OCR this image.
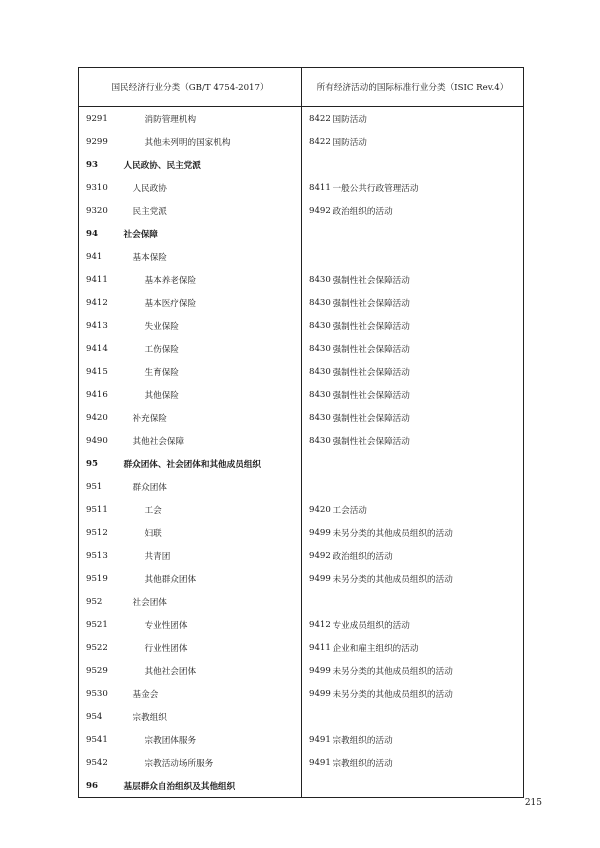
国民经济行业分类（GB/T 4754-2017）		所有经济活动的国际标准行业分类（ISIC Rev.4）	
9291	消防管理机构	8422	国防活动
9299	其他未列明的国家机构	8422	国防活动
93	人民政协、民主党派		
9310	人民政协	8411	一般公共行政管理活动
9320	民主党派	9492	政治组织的活动
94	社会保障		
941	基本保险		
9411	基本养老保险	8430	强制性社会保障活动
9412	基本医疗保险	8430	强制性社会保障活动
9413	失业保险	8430	强制性社会保障活动
9414	工伤保险	8430	强制性社会保障活动
9415	生育保险	8430	强制性社会保障活动
9416	其他保险	8430	强制性社会保障活动
9420	补充保险	8430	强制性社会保障活动
9490	其他社会保障	8430	强制性社会保障活动
95	群众团体、社会团体和其他成员组织		
951	群众团体		
9511	工会	9420	工会活动
9512	妇联	9499	未另分类的其他成员组织的活动
9513	共青团	9492	政治组织的活动
9519	其他群众团体	9499	未另分类的其他成员组织的活动
952	社会团体		
9521	专业性团体	9412	专业成员组织的活动
9522	行业性团体	9411	企业和雇主组织的活动
9529	其他社会团体	9499	未另分类的其他成员组织的活动
9530	基金会	9499	未另分类的其他成员组织的活动
954	宗教组织		
9541	宗教团体服务	9491	宗教组织的活动
9542	宗教活动场所服务	9491	宗教组织的活动
96	基层群众自治组织及其他组织		
215
